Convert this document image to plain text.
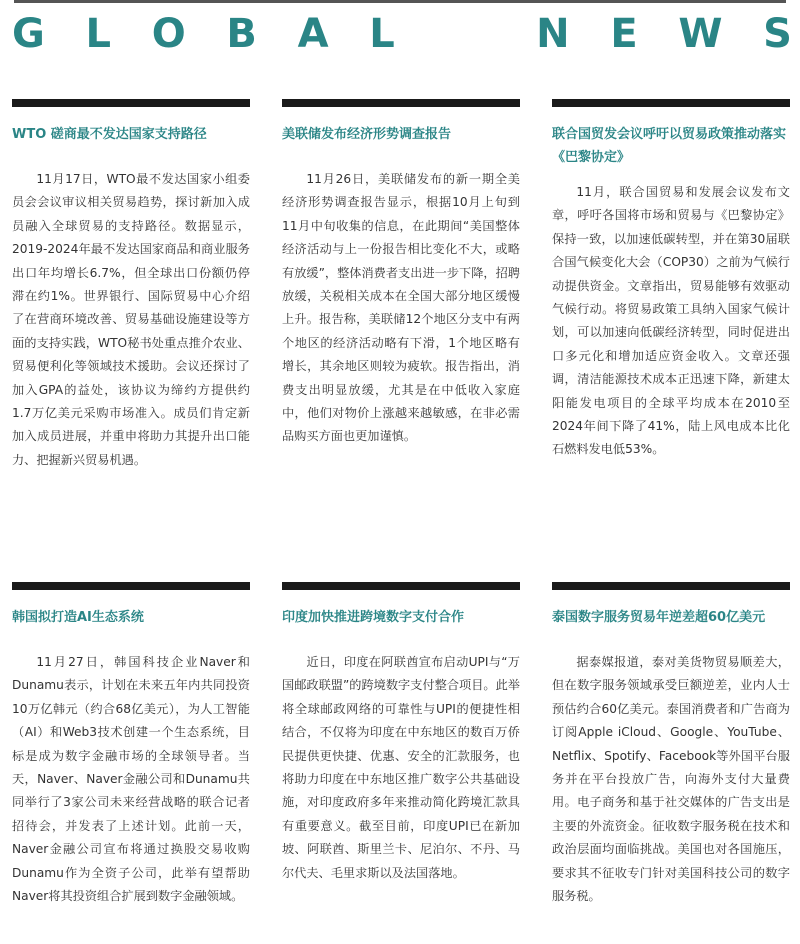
G L O B A L	N E W S
WTO 磋商最不发达国家支持路径

11月17日，WTO最不发达国家小组委员会会议审议相关贸易趋势，探讨新加入成员融入全球贸易的支持路径。数据显示，2019-2024年最不发达国家商品和商业服务出口年均增长6.7%，但全球出口份额仍停滞在约1%。世界银行、国际贸易中心介绍了在营商环境改善、贸易基础设施建设等方面的支持实践，WTO秘书处重点推介农业、贸易便利化等领域技术援助。会议还探讨了加入GPA的益处，该协议为缔约方提供约1.7万亿美元采购市场准入。成员们肯定新加入成员进展，并重申将助力其提升出口能力、把握新兴贸易机遇。

美联储发布经济形势调查报告

11月26日，美联储发布的新一期全美经济形势调查报告显示，根据10月上旬到11月中旬收集的信息，在此期间“美国整体经济活动与上一份报告相比变化不大，或略有放缓”，整体消费者支出进一步下降，招聘放缓，关税相关成本在全国大部分地区缓慢上升。报告称，美联储12个地区分支中有两个地区的经济活动略有下滑，1个地区略有增长，其余地区则较为疲软。报告指出，消费支出明显放缓，尤其是在中低收入家庭中，他们对物价上涨越来越敏感，在非必需品购买方面也更加谨慎。

联合国贸发会议呼吁以贸易政策推动落实《巴黎协定》

11月，联合国贸易和发展会议发布文章，呼吁各国将市场和贸易与《巴黎协定》保持一致，以加速低碳转型，并在第30届联合国气候变化大会（COP30）之前为气候行动提供资金。文章指出，贸易能够有效驱动气候行动。将贸易政策工具纳入国家气候计划，可以加速向低碳经济转型，同时促进出口多元化和增加适应资金收入。文章还强调，清洁能源技术成本正迅速下降，新建太阳能发电项目的全球平均成本在2010至2024年间下降了41%，陆上风电成本比化石燃料发电低53%。

韩国拟打造AI生态系统

11月27日，韩国科技企业Naver和Dunamu表示，计划在未来五年内共同投资10万亿韩元（约合68亿美元），为人工智能（AI）和Web3技术创建一个生态系统，目标是成为数字金融市场的全球领导者。当天，Naver、Naver金融公司和Dunamu共同举行了3家公司未来经营战略的联合记者招待会，并发表了上述计划。此前一天，Naver金融公司宣布将通过换股交易收购Dunamu作为全资子公司，此举有望帮助Naver将其投资组合扩展到数字金融领域。

印度加快推进跨境数字支付合作

近日，印度在阿联酋宣布启动UPI与“万国邮政联盟”的跨境数字支付整合项目。此举将全球邮政网络的可靠性与UPI的便捷性相结合，不仅将为印度在中东地区的数百万侨民提供更快捷、优惠、安全的汇款服务，也将助力印度在中东地区推广数字公共基础设施，对印度政府多年来推动简化跨境汇款具有重要意义。截至目前，印度UPI已在新加坡、阿联酋、斯里兰卡、尼泊尔、不丹、马尔代夫、毛里求斯以及法国落地。

泰国数字服务贸易年逆差超60亿美元

据泰媒报道，泰对美货物贸易顺差大，但在数字服务领域承受巨额逆差，业内人士预估约合60亿美元。泰国消费者和广告商为订阅Apple iCloud、Google、YouTube、Netflix、Spotify、Facebook等外国平台服务并在平台投放广告，向海外支付大量费用。电子商务和基于社交媒体的广告支出是主要的外流资金。征收数字服务税在技术和政治层面均面临挑战。美国也对各国施压，要求其不征收专门针对美国科技公司的数字服务税。
